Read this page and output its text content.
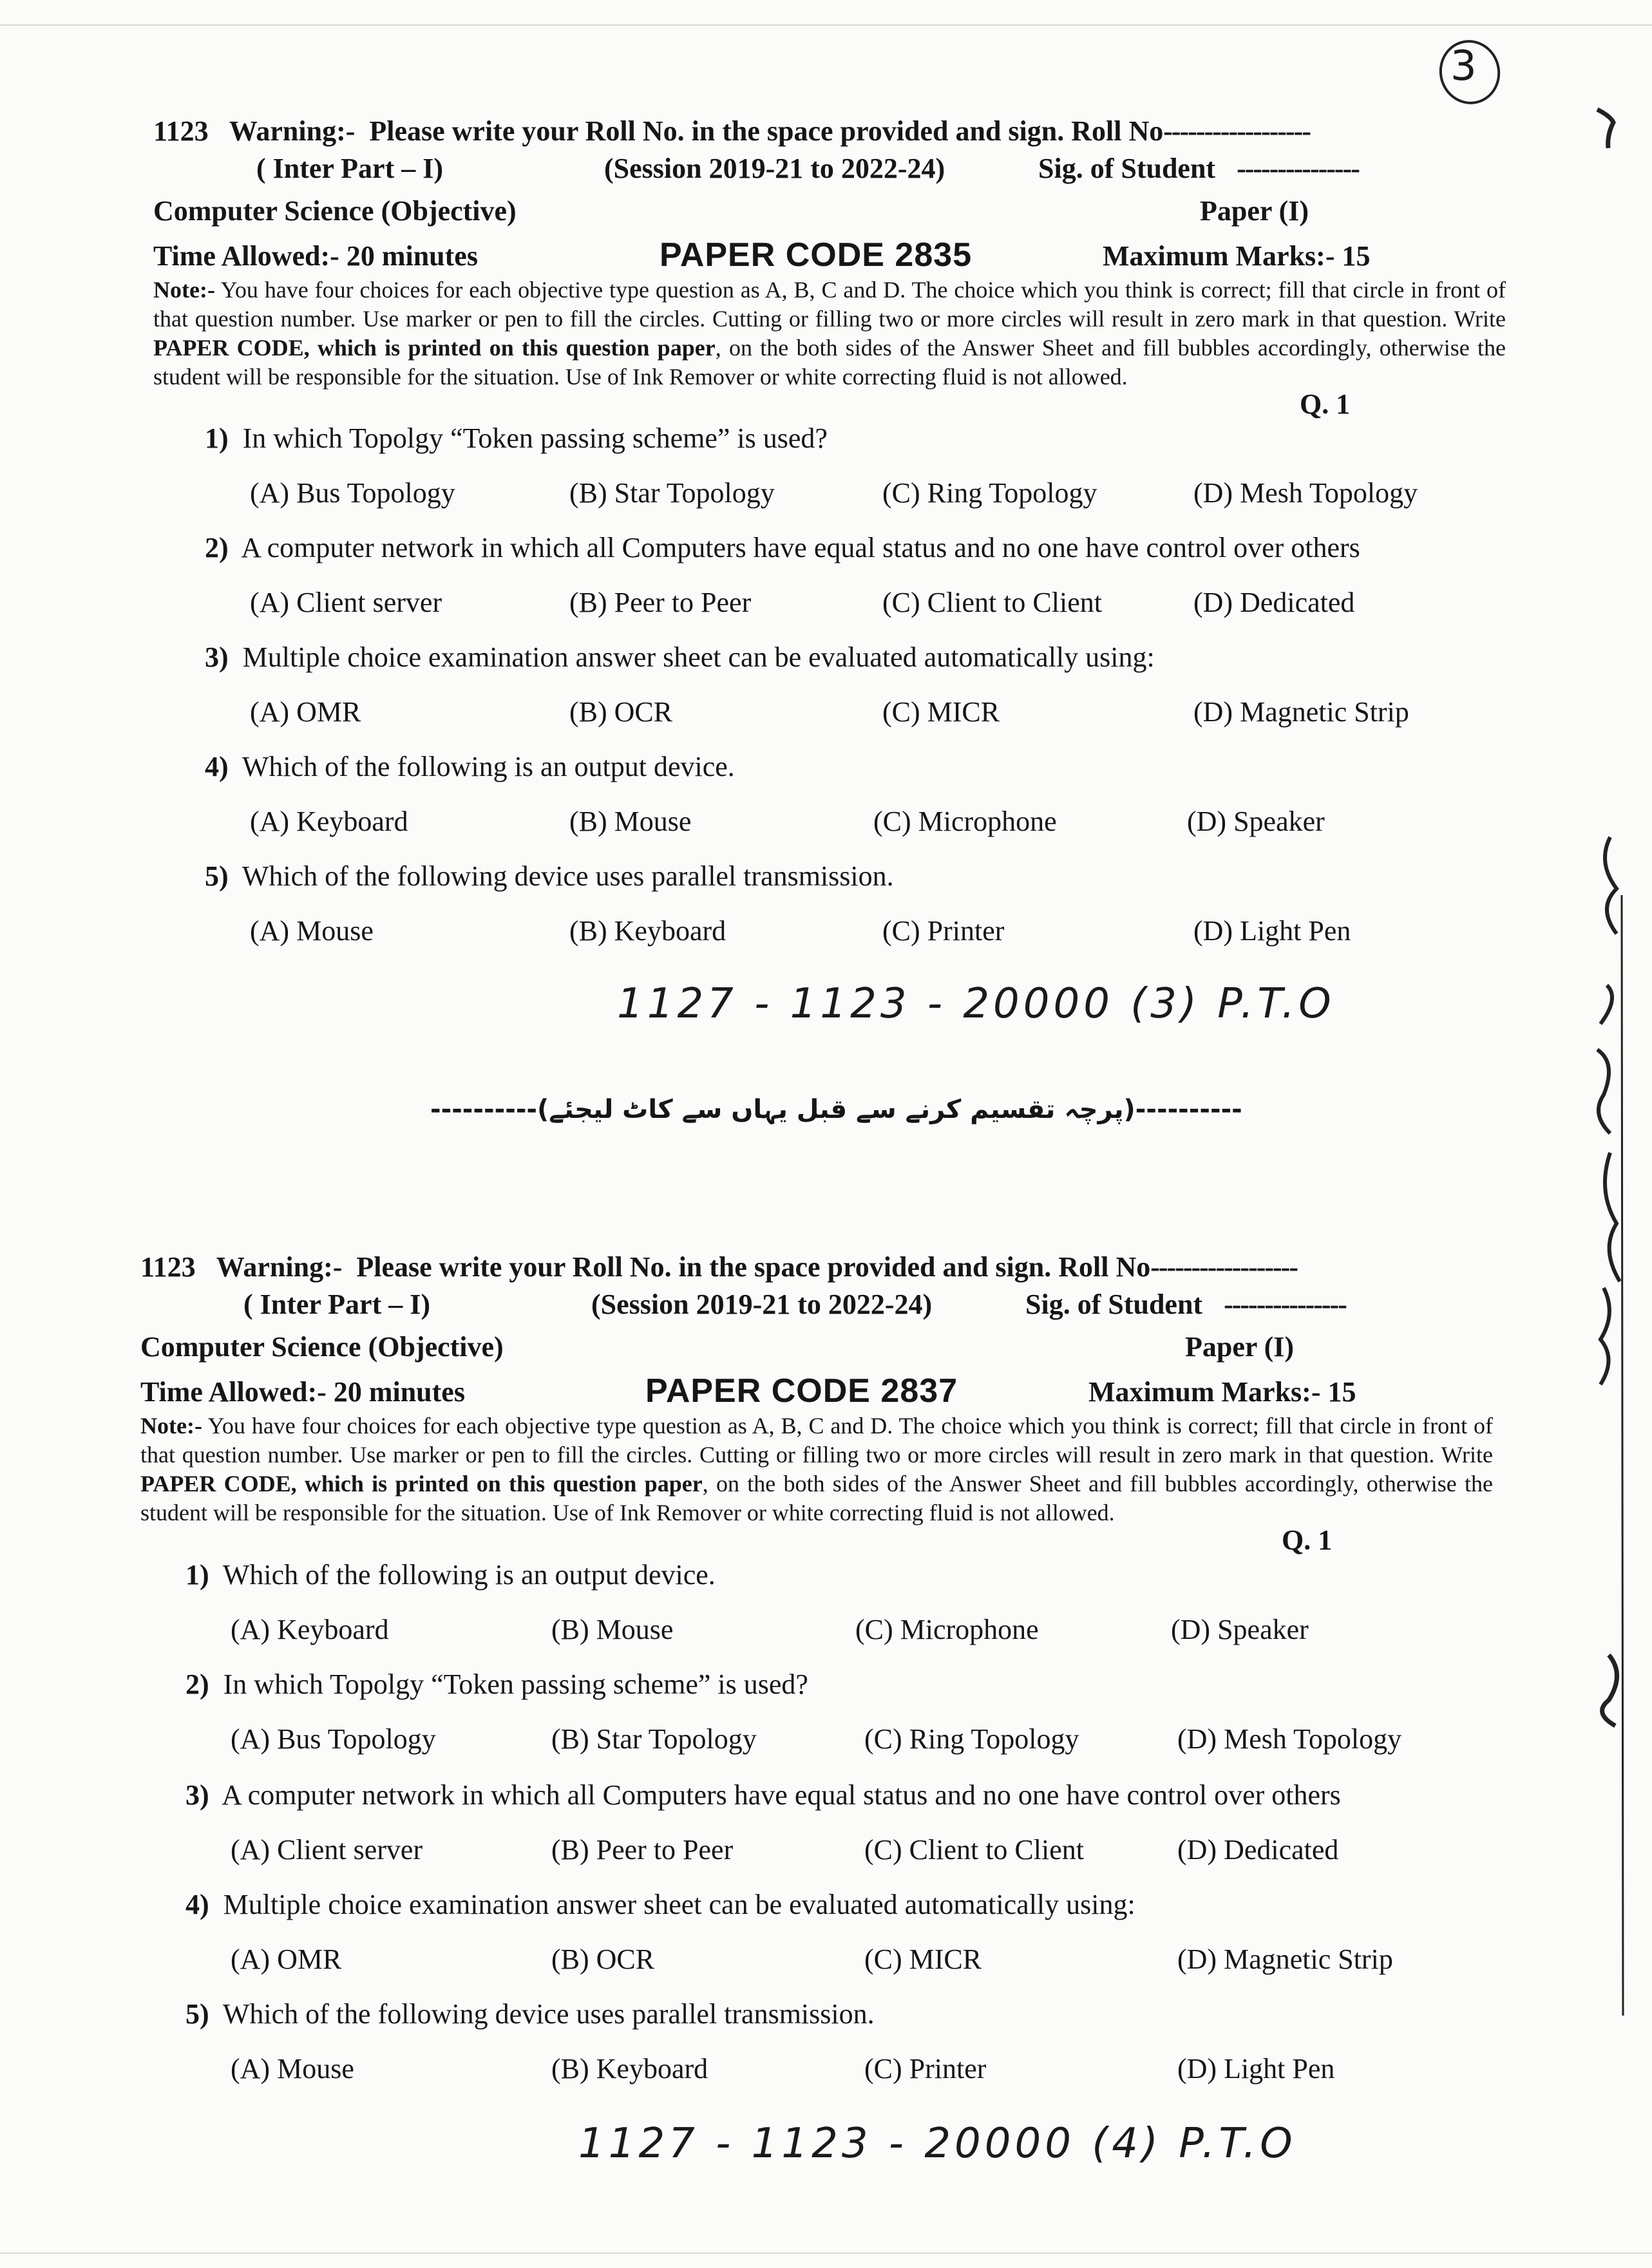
3
1123 Warning:- Please write your Roll No. in the space provided and sign. Roll No------------------
( Inter Part – I)	(Session 2019-21 to 2022-24)	Sig. of Student ---------------
Computer Science (Objective)	Paper (I)
Time Allowed:- 20 minutes	PAPER CODE 2835	Maximum Marks:- 15
Note:- You have four choices for each objective type question as A, B, C and D. The choice which you think is correct; fill that circle in front of that question number. Use marker or pen to fill the circles. Cutting or filling two or more circles will result in zero mark in that question. Write PAPER CODE, which is printed on this question paper, on the both sides of the Answer Sheet and fill bubbles accordingly, otherwise the student will be responsible for the situation. Use of Ink Remover or white correcting fluid is not allowed.
Q. 1
1) In which Topolgy “Token passing scheme” is used?
(A) Bus Topology	(B) Star Topology	(C) Ring Topology	(D) Mesh Topology
2) A computer network in which all Computers have equal status and no one have control over others
(A) Client server	(B) Peer to Peer	(C) Client to Client	(D) Dedicated
3) Multiple choice examination answer sheet can be evaluated automatically using:
(A) OMR	(B) OCR	(C) MICR	(D) Magnetic Strip
4) Which of the following is an output device.
(A) Keyboard	(B) Mouse	(C) Microphone	(D) Speaker
5) Which of the following device uses parallel transmission.
(A) Mouse	(B) Keyboard	(C) Printer	(D) Light Pen
1127 - 1123 - 20000 (3) P.T.O
----------(پرچہ تقسیم کرنے سے قبل یہاں سے کاٹ لیجئے)----------
1123 Warning:- Please write your Roll No. in the space provided and sign. Roll No------------------
( Inter Part – I)	(Session 2019-21 to 2022-24)	Sig. of Student ---------------
Computer Science (Objective)	Paper (I)
Time Allowed:- 20 minutes	PAPER CODE 2837	Maximum Marks:- 15
Note:- You have four choices for each objective type question as A, B, C and D. The choice which you think is correct; fill that circle in front of that question number. Use marker or pen to fill the circles. Cutting or filling two or more circles will result in zero mark in that question. Write PAPER CODE, which is printed on this question paper, on the both sides of the Answer Sheet and fill bubbles accordingly, otherwise the student will be responsible for the situation. Use of Ink Remover or white correcting fluid is not allowed.
Q. 1
1) Which of the following is an output device.
(A) Keyboard	(B) Mouse	(C) Microphone	(D) Speaker
2) In which Topolgy “Token passing scheme” is used?
(A) Bus Topology	(B) Star Topology	(C) Ring Topology	(D) Mesh Topology
3) A computer network in which all Computers have equal status and no one have control over others
(A) Client server	(B) Peer to Peer	(C) Client to Client	(D) Dedicated
4) Multiple choice examination answer sheet can be evaluated automatically using:
(A) OMR	(B) OCR	(C) MICR	(D) Magnetic Strip
5) Which of the following device uses parallel transmission.
(A) Mouse	(B) Keyboard	(C) Printer	(D) Light Pen
1127 - 1123 - 20000 (4) P.T.O
